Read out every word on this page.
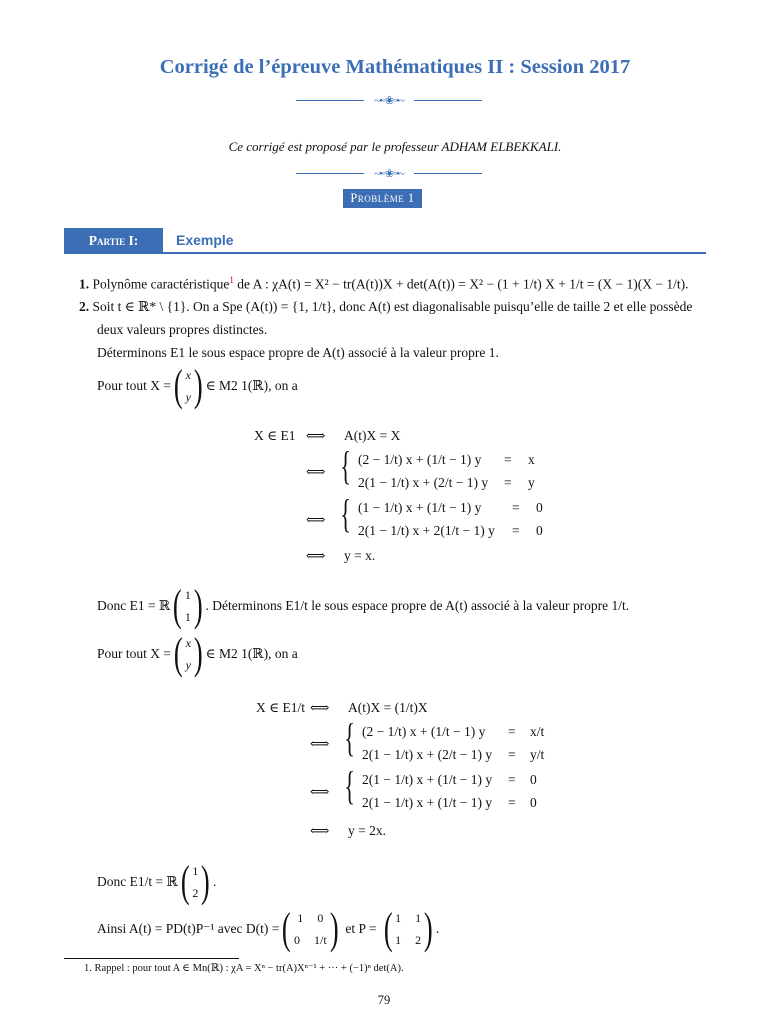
Corrigé de l’épreuve Mathématiques II : Session 2017
~•◦❀◦•~
Ce corrigé est proposé par le professeur ADHAM ELBEKKALI.
~•◦❀◦•~
Problème 1
Partie I:	Exemple
1. Polynôme caractéristique$^1$ de A : χA(t) = X² − tr(A(t))X + det(A(t)) = X² − (1 + 1/t) X + 1/t = (X − 1)(X − 1/t).
2. Soit t ∈ ℝ* \ {1}. On a Spe (A(t)) = {1, 1/t}, donc A(t) est diagonalisable puisqu’elle de taille 2 et elle possède
deux valeurs propres distinctes.
Déterminons E1 le sous espace propre de A(t) associé à la valeur propre 1.
Pour tout X = ( x
y ) ∈ M2 1(ℝ), on a
X ∈ E1 ⟺ A(t)X = X
⟺ { (2 − 1/t) x + (1/t − 1) y = x
2(1 − 1/t) x + (2/t − 1) y = y
⟺ { (1 − 1/t) x + (1/t − 1) y = 0
2(1 − 1/t) x + 2(1/t − 1) y = 0
⟺ y = x.
Donc E1 = ℝ ( 1
1 ) . Déterminons E1/t le sous espace propre de A(t) associé à la valeur propre 1/t.
Pour tout X = ( x
y ) ∈ M2 1(ℝ), on a
X ∈ E1/t ⟺ A(t)X = (1/t)X
⟺ { (2 − 1/t) x + (1/t − 1) y = x/t
2(1 − 1/t) x + (2/t − 1) y = y/t
⟺ { 2(1 − 1/t) x + (1/t − 1) y = 0
2(1 − 1/t) x + (1/t − 1) y = 0
⟺ y = 2x.
Donc E1/t = ℝ ( 1
2 ) .
Ainsi A(t) = PD(t)P⁻¹ avec D(t) = ( 1 0
0 1/t ) et P = ( 1 1
1 2 ) .
1. Rappel : pour tout A ∈ Mn(ℝ) : χA = Xⁿ − tr(A)Xⁿ⁻¹ + ··· + (−1)ⁿ det(A).
79
